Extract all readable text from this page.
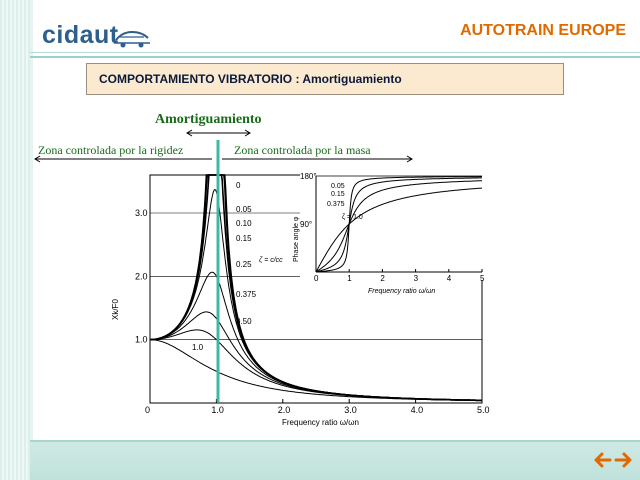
cidaut	AUTOTRAIN EUROPE
COMPORTAMIENTO VIBRATORIO : Amortiguamiento
Amortiguamiento
Zona controlada por la rigidez	Zona controlada por la masa
0	1.0	2.0	3.0	4.0	5.0
1.0
2.0
3.0
0
0.05
0.10
0.15
0.25
0.375
0.50
1.0
Xk/F0
Frequency ratio ω/ωn
ζ = c/cc
0	1	2	3	4	5
90°
180°
0.05
0.15
0.375
ζ = 1.0
Phase angle φ
Frequency ratio ω/ωn
